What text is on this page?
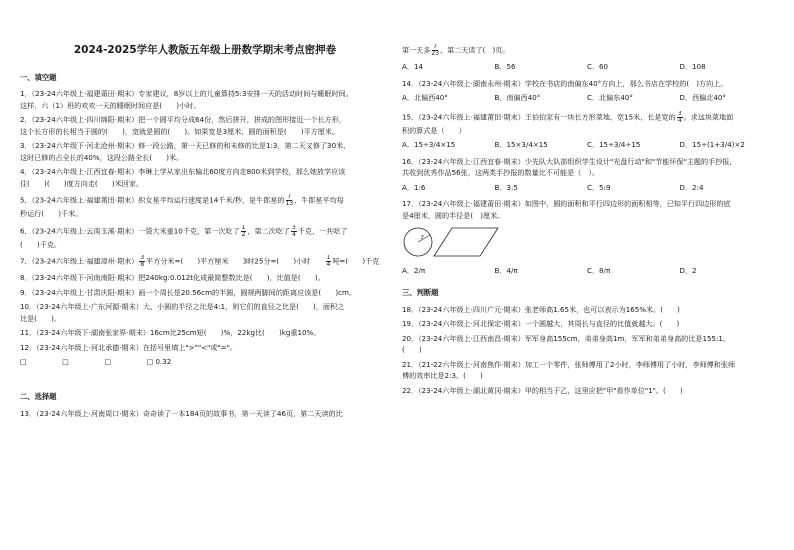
2024-2025学年人教版五年级上册数学期末考点密押卷
一、填空题
1．（23-24六年级上·福建莆田·期末）专家建议，8岁以上的儿童算持5:3安排一天的活动时间与睡眠时间。
这样，六（1）班的欢欢一天的睡眠时间应是(　　)小时。
2．（23-24六年级上·四川绵阳·期末）把一个圆平均分成64份，然后拼开，拼成的图形接近一个长方形，
这个长方形的长相当于圆的(　　)，宽就是圆的(　　)。如果宽是3厘米，圆的面积是(　　)平方厘米。
3．（23-24六年级下·河北沧州·期末）修一段公路，第一天已修的和未修的比是1:3，第二天又修了30米，
这时已修的占全长的40%，这段公路全长(　　)米。
4．（23-24六年级上·江西宜春·期末）李琳上学从家出东偏北60度方向走800米到学校，那么她放学应该
往(　　)(　　)度方向走(　　)米回家。
5．（23-24六年级上·福建莆田·期末）织女星平均运行速度是14千米/秒，是牛郎星的 $\frac{7}{13}$ ，牛郎星平均每
秒运行(　　)千米。
6．（23-24六年级上·云南玉溪·期末）一袋大米重10千克，第一次吃了 $\frac{1}{2}$ ，第二次吃了 $\frac{3}{4}$ 千克，一共吃了
(　　)千克。
7．（23-24六年级上·福建漳州·期末） $\frac{3}{8}$ 平方分米=(　　)平方厘米　　3时25分=(　　)小时　　 $\frac{1}{4}$ 吨=(　　)千克
8．（23-24六年级下·河南南阳·期末）把240kg:0.012t化成最简整数比是(　　)，比值是(　　)。
9．（23-24六年级上·甘肃庆阳·期末）画一个周长是20.56cm的半圆，圆规两脚间的距离应该是(　　)cm。
10．（23-24六年级上·广东河源·期末）大、小圆的半径之比是4:1，则它们的直径之比是(　　)，面积之
比是(　　)。
11．（23-24六年级下·湖南张家界·期末）16cm比25cm短(　　)%，22kg比(　　)kg重10%。
12．（23-24六年级上·河北承德·期末）在括号里填上">""<"或"="。
□　　　　　□　　　　　□　　　　　□ 0.32
二、选择题
13．（23-24六年级上·河南周口·期末）奇奇读了一本184页的故事书，第一天读了46页，第二天读的比
第一天多 $\frac{7}{23}$ ，第二天读了(　)页。
A．14	B．56	C．60	D．108
14．（23-24六年级上·湖南永州·期末）学校在书店的南偏东40°方向上，那么书店在学校的(　)方向上。
A．北偏西40°	B．南偏西40°	C．北偏东40°	D．西偏北40°
15．（23-24六年级上·福建莆田·期末）王伯伯家有一块长方形菜地，宽15米，长是宽的 $\frac{3}{4}$ 。求这块菜地面
积的算式是（　　）
A．15÷3/4×15	B．15×3/4×15	C．15÷3/4÷15	D．15÷(1+3/4)×2
16．（23-24六年级上·江西宜春·期末）少先队大队部组织学生设计"光盘行动"和"节能环保"主题的手抄报，
共收到优秀作品56张，这两类手抄报的数量比不可能是（　）。
A．1:6	B．3:5	C．5:9	D．2:4
17．（23-24六年级上·福建莆田·期末）如图中，圆的面积和平行四边形的面积相等，已知平行四边形的底
是4厘米，圆的半径是(　)厘米。
r
A．2/π	B．4/π	C．8/π	D．2
三、判断题
18．（23-24六年级上·四川广元·期末）张老师高1.65米，也可以表示为165%米。(　　)
19．（23-24六年级上·河北保定·期末）一个圆越大，其周长与直径的比值就越大。(　　)
20．（23-24六年级上·江西南昌·期末）军军身高155cm，弟弟身高1m，军军和弟弟身高的比是155:1。
(　　)
21．（21-22六年级上·河南焦作·期末）加工一个零件，张师傅用了2小时，李师傅用了小时，李师傅和张师
傅的效率比是2:3。(　　)
22．（23-24六年级上·湖北黄冈·期末）甲的相当于乙，这里应把"甲"看作单位"1"。(　　)
